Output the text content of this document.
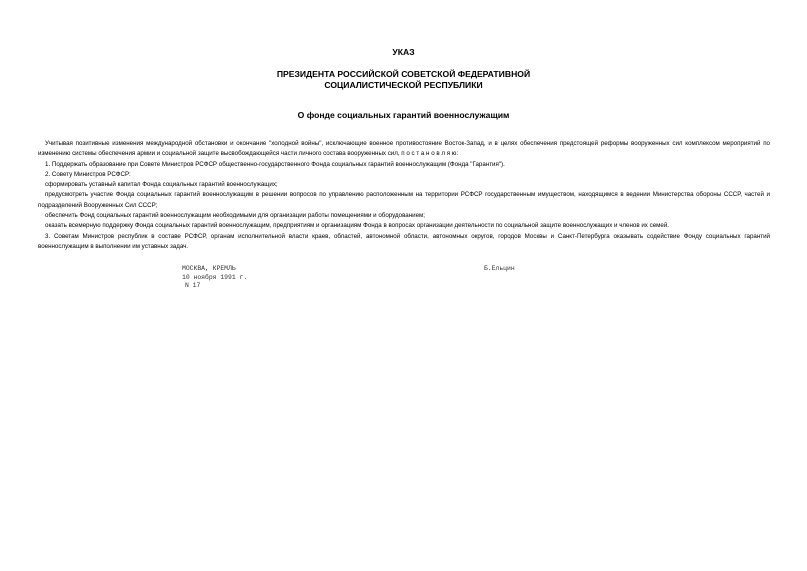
УКАЗ

ПРЕЗИДЕНТА РОССИЙСКОЙ СОВЕТСКОЙ ФЕДЕРАТИВНОЙ

СОЦИАЛИСТИЧЕСКОЙ РЕСПУБЛИКИ

О фонде социальных гарантий военнослужащим

Учитывая позитивные изменения международной обстановки и окончание "холодной войны", исключающие военное противостояние Восток-Запад, и в целях обеспечения предстоящей реформы вооруженных сил комплексом мероприятий по изменению системы обеспечения армии и социальной защите высвобождающейся части личного состава вооруженных сил, п о с т а н о в л я ю:

1. Поддержать образование при Совете Министров РСФСР общественно-государственного Фонда социальных гарантий военнослужащим (Фонда "Гарантия").

2. Совету Министров РСФСР:

сформировать уставный капитал Фонда социальных гарантий военнослужащих;

предусмотреть участие Фонда социальных гарантий военнослужащим в решении вопросов по управлению расположенным на территории РСФСР государственным имуществом, находящимся в ведении Министерства обороны СССР, частей и подразделений Вооруженных Сил СССР;

обеспечить Фонд социальных гарантий военнослужащим необходимыми для организации работы помещениями и оборудованием;

оказать всемерную поддержку Фонда социальных гарантий военнослужащим, предприятиям и организациям Фонда в вопросах организации деятельности по социальной защите военнослужащих и членов их семей.

3. Советам Министров республик в составе РСФСР, органам исполнительной власти краев, областей, автономной области, автономных округов, городов Москвы и Санкт-Петербурга оказывать содействие Фонду социальных гарантий военнослужащим в выполнении им уставных задач.

МОСКВА, КРЕМЛЬ

10 ноября 1991 г.

N 17

Б.Ельцин
